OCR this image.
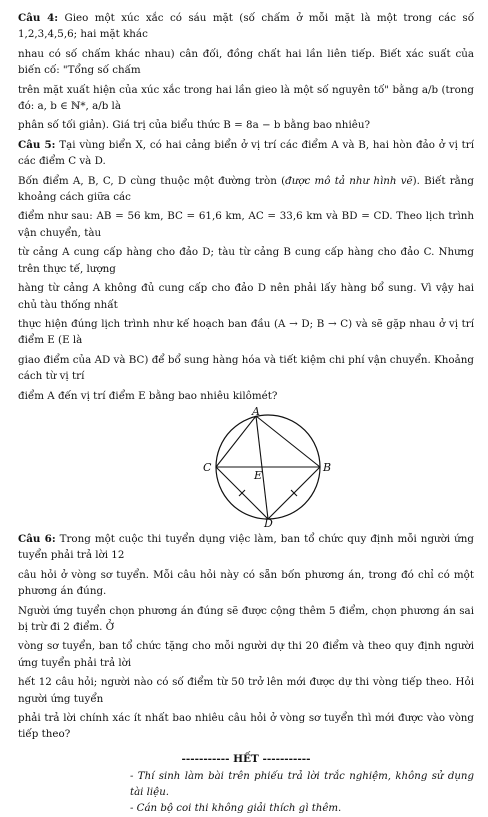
Câu 4: Gieo một xúc xắc có sáu mặt (số chấm ở mỗi mặt là một trong các số 1,2,3,4,5,6; hai mặt khác

nhau có số chấm khác nhau) cân đối, đồng chất hai lần liên tiếp. Biết xác suất của biến cố: "Tổng số chấm

trên mặt xuất hiện của xúc xắc trong hai lần gieo là một số nguyên tố" bằng a/b (trong đó: a, b ∈ ℕ*, a/b là

phân số tối giản). Giá trị của biểu thức B = 8a − b bằng bao nhiêu?

Câu 5: Tại vùng biển X, có hai cảng biển ở vị trí các điểm A và B, hai hòn đảo ở vị trí các điểm C và D.

Bốn điểm A, B, C, D cùng thuộc một đường tròn (được mô tả như hình vẽ). Biết rằng khoảng cách giữa các

điểm như sau: AB = 56 km, BC = 61,6 km, AC = 33,6 km và BD = CD. Theo lịch trình vận chuyển, tàu

từ cảng A cung cấp hàng cho đảo D; tàu từ cảng B cung cấp hàng cho đảo C. Nhưng trên thực tế, lượng

hàng từ cảng A không đủ cung cấp cho đảo D nên phải lấy hàng bổ sung. Vì vậy hai chủ tàu thống nhất

thực hiện đúng lịch trình như kế hoạch ban đầu (A → D; B → C) và sẽ gặp nhau ở vị trí điểm E (E là

giao điểm của AD và BC) để bổ sung hàng hóa và tiết kiệm chi phí vận chuyển. Khoảng cách từ vị trí

điểm A đến vị trí điểm E bằng bao nhiêu kilômét?

A
B
C
D
E

Câu 6: Trong một cuộc thi tuyển dụng việc làm, ban tổ chức quy định mỗi người ứng tuyển phải trả lời 12

câu hỏi ở vòng sơ tuyển. Mỗi câu hỏi này có sẵn bốn phương án, trong đó chỉ có một phương án đúng.

Người ứng tuyển chọn phương án đúng sẽ được cộng thêm 5 điểm, chọn phương án sai bị trừ đi 2 điểm. Ở

vòng sơ tuyển, ban tổ chức tặng cho mỗi người dự thi 20 điểm và theo quy định người ứng tuyển phải trả lời

hết 12 câu hỏi; người nào có số điểm từ 50 trở lên mới được dự thi vòng tiếp theo. Hỏi người ứng tuyển

phải trả lời chính xác ít nhất bao nhiêu câu hỏi ở vòng sơ tuyển thì mới được vào vòng tiếp theo?

----------- HẾT -----------

- Thí sinh làm bài trên phiếu trả lời trắc nghiệm, không sử dụng tài liệu.

- Cán bộ coi thi không giải thích gì thêm.
